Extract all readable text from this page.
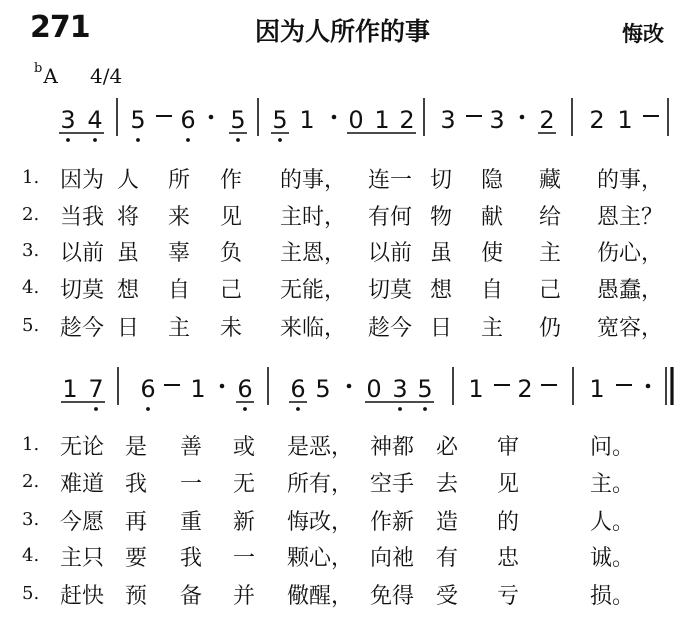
271	因为人所作的事	悔改
$^b$A 4/4
3 4 5 6 5 5 1 0 1 2 3 3 2 2 1
1 7 6 1 6 6 5 0 3 5 1 2 1
1. 因为 人	所	作	的事， 连一 切	隐	藏	的事，
2. 当我 将	来	见	主时， 有何 物	献	给	恩主？
3. 以前 虽	辜	负	主恩， 以前 虽	使	主	伤心，
4. 切莫 想	自	己	无能， 切莫 想	自	己	愚蠢，
5. 趁今 日	主	未	来临， 趁今 日	主	仍	宽容，
1. 无论 是	善	或	是恶， 神都 必	审	问。
2. 难道 我	一	无	所有， 空手 去	见	主。
3. 今愿 再	重	新	悔改， 作新 造	的	人。
4. 主只 要	我	一	颗心， 向祂 有	忠	诚。
5. 赶快 预	备	并	儆醒， 免得 受	亏	损。
